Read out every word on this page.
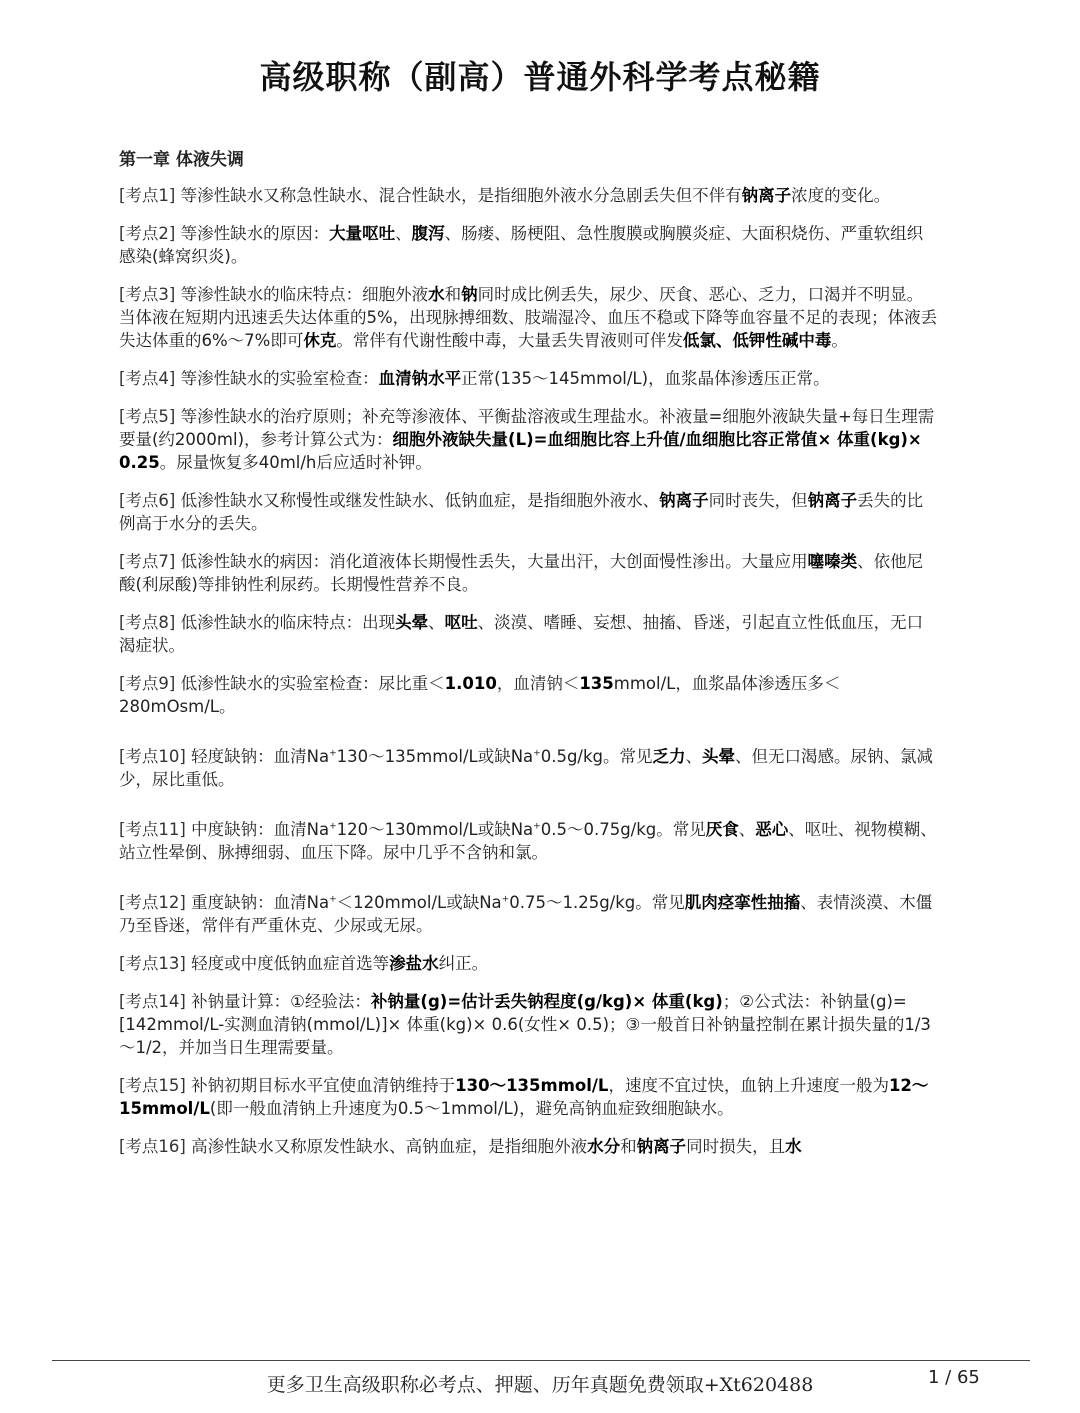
高级职称（副高）普通外科学考点秘籍
第一章 体液失调

[考点1] 等渗性缺水又称急性缺水、混合性缺水，是指细胞外液水分急剧丢失但不伴有钠离子浓度的变化。

[考点2] 等渗性缺水的原因：大量呕吐、腹泻、肠瘘、肠梗阻、急性腹膜或胸膜炎症、大面积烧伤、严重软组织感染(蜂窝织炎)。

[考点3] 等渗性缺水的临床特点：细胞外液水和钠同时成比例丢失，尿少、厌食、恶心、乏力，口渴并不明显。当体液在短期内迅速丢失达体重的5%，出现脉搏细数、肢端湿冷、血压不稳或下降等血容量不足的表现；体液丢失达体重的6%～7%即可休克。常伴有代谢性酸中毒，大量丢失胃液则可伴发低氯、低钾性碱中毒。

[考点4] 等渗性缺水的实验室检查：血清钠水平正常(135～145mmol/L)，血浆晶体渗透压正常。

[考点5] 等渗性缺水的治疗原则；补充等渗液体、平衡盐溶液或生理盐水。补液量=细胞外液缺失量+每日生理需要量(约2000ml)，参考计算公式为：细胞外液缺失量(L)=血细胞比容上升值/血细胞比容正常值× 体重(kg)× 0.25。尿量恢复多40ml/h后应适时补钾。

[考点6] 低渗性缺水又称慢性或继发性缺水、低钠血症，是指细胞外液水、钠离子同时丧失，但钠离子丢失的比例高于水分的丢失。

[考点7] 低渗性缺水的病因：消化道液体长期慢性丢失，大量出汗，大创面慢性渗出。大量应用噻嗪类、依他尼酸(利尿酸)等排钠性利尿药。长期慢性营养不良。

[考点8] 低渗性缺水的临床特点：出现头晕、呕吐、淡漠、嗜睡、妄想、抽搐、昏迷，引起直立性低血压，无口渴症状。

[考点9] 低渗性缺水的实验室检查：尿比重＜1.010，血清钠＜135mmol/L，血浆晶体渗透压多＜280mOsm/L。

[考点10] 轻度缺钠：血清Na+130～135mmol/L或缺Na+0.5g/kg。常见乏力、头晕、但无口渴感。尿钠、氯减少，尿比重低。

[考点11] 中度缺钠：血清Na+120～130mmol/L或缺Na+0.5～0.75g/kg。常见厌食、恶心、呕吐、视物模糊、站立性晕倒、脉搏细弱、血压下降。尿中几乎不含钠和氯。

[考点12] 重度缺钠：血清Na+＜120mmol/L或缺Na+0.75～1.25g/kg。常见肌肉痉挛性抽搐、表情淡漠、木僵乃至昏迷，常伴有严重休克、少尿或无尿。

[考点13] 轻度或中度低钠血症首选等渗盐水纠正。

[考点14] 补钠量计算：①经验法：补钠量(g)=估计丢失钠程度(g/kg)× 体重(kg)；②公式法：补钠量(g)=[142mmol/L-实测血清钠(mmol/L)]× 体重(kg)× 0.6(女性× 0.5)；③一般首日补钠量控制在累计损失量的1/3～1/2，并加当日生理需要量。

[考点15] 补钠初期目标水平宜使血清钠维持于130～135mmol/L，速度不宜过快，血钠上升速度一般为12～15mmol/L(即一般血清钠上升速度为0.5～1mmol/L)，避免高钠血症致细胞缺水。

[考点16] 高渗性缺水又称原发性缺水、高钠血症，是指细胞外液水分和钠离子同时损失，且水

更多卫生高级职称必考点、押题、历年真题免费领取+Xt620488	1 / 65
